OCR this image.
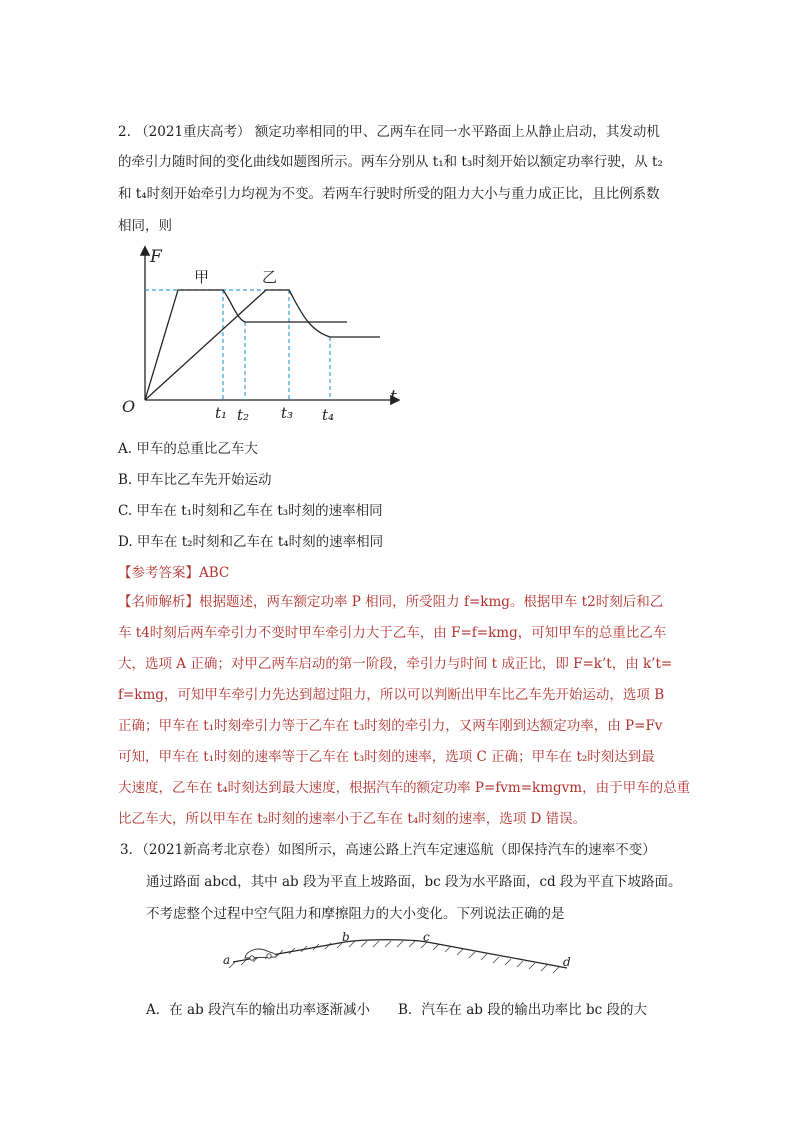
2. （2021重庆高考） 额定功率相同的甲、乙两车在同一水平路面上从静止启动，其发动机
的牵引力随时间的变化曲线如题图所示。两车分别从 t₁和 t₃时刻开始以额定功率行驶，从 t₂
和 t₄时刻开始牵引力均视为不变。若两车行驶时所受的阻力大小与重力成正比，且比例系数
相同，则
F
t
O
甲	乙
t₁ t₂ t₃ t₄
A. 甲车的总重比乙车大
B. 甲车比乙车先开始运动
C. 甲车在 t₁时刻和乙车在 t₃时刻的速率相同
D. 甲车在 t₂时刻和乙车在 t₄时刻的速率相同
【参考答案】ABC
【名师解析】根据题述，两车额定功率 P 相同，所受阻力 f=kmg。根据甲车 t2时刻后和乙
车 t4时刻后两车牵引力不变时甲车牵引力大于乙车，由 F=f=kmg，可知甲车的总重比乙车
大，选项 A 正确；对甲乙两车启动的第一阶段，牵引力与时间 t 成正比，即 F=k’t，由 k’t=
f=kmg，可知甲车牵引力先达到超过阻力，所以可以判断出甲车比乙车先开始运动，选项 B
正确；甲车在 t₁时刻牵引力等于乙车在 t₃时刻的牵引力，又两车刚到达额定功率，由 P=Fv
可知，甲车在 t₁时刻的速率等于乙车在 t₃时刻的速率，选项 C 正确；甲车在 t₂时刻达到最
大速度，乙车在 t₄时刻达到最大速度，根据汽车的额定功率 P=fvm=kmgvm，由于甲车的总重
比乙车大，所以甲车在 t₂时刻的速率小于乙车在 t₄时刻的速率，选项 D 错误。
3．（2021新高考北京卷）如图所示，高速公路上汽车定速巡航（即保持汽车的速率不变）
通过路面 abcd，其中 ab 段为平直上坡路面，bc 段为水平路面，cd 段为平直下坡路面。
不考虑整个过程中空气阻力和摩擦阻力的大小变化。下列说法正确的是
a
b	c
d
A．在 ab 段汽车的输出功率逐渐减小 B．汽车在 ab 段的输出功率比 bc 段的大
